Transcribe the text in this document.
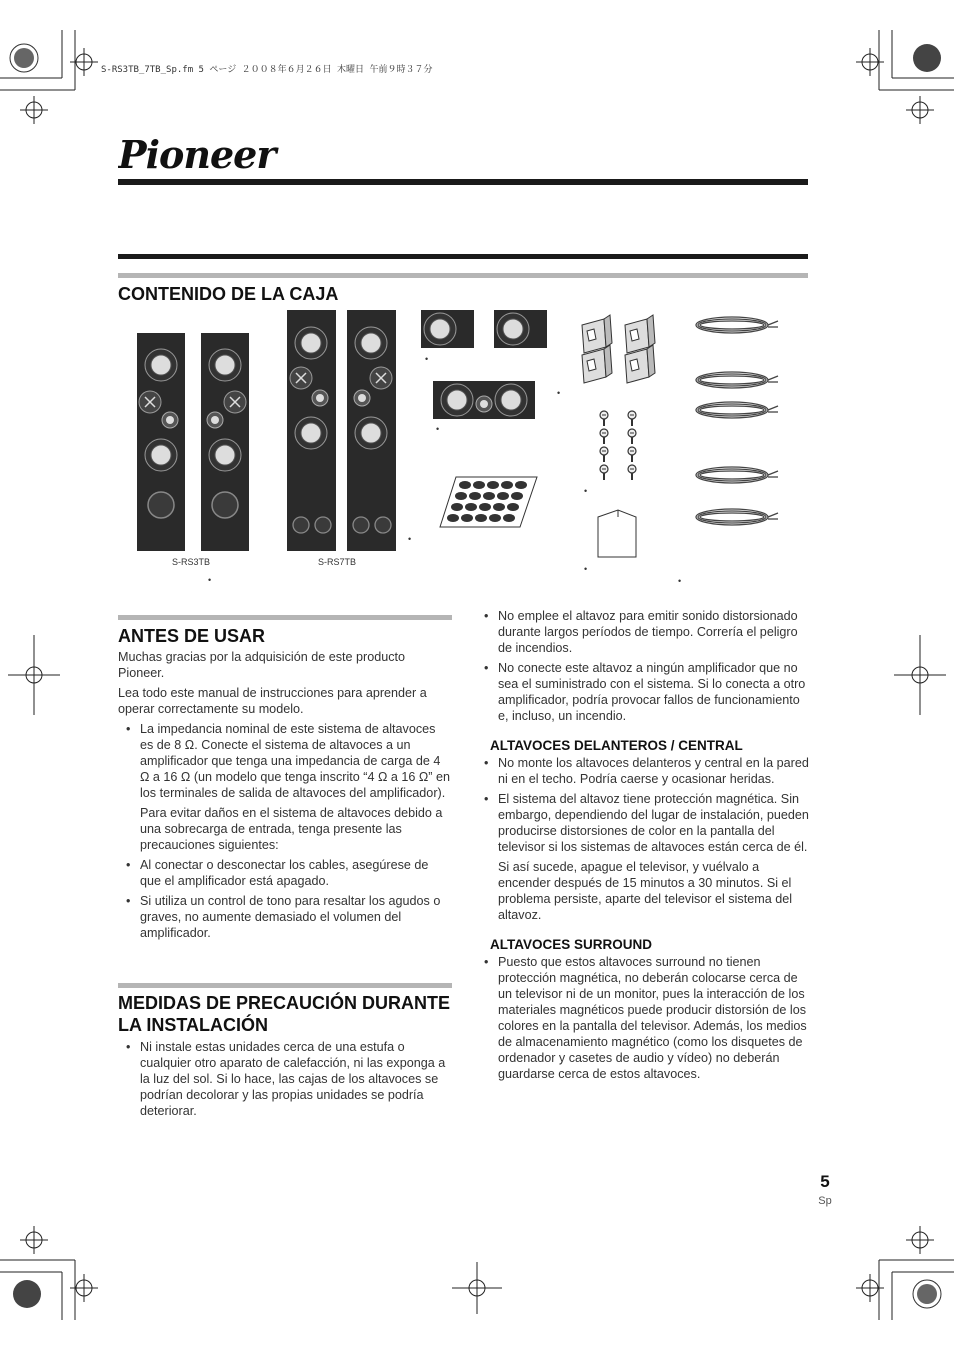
S-RS3TB_7TB_Sp.fm 5 ページ ２００８年６月２６日 木曜日 午前９時３７分
Pioneer
CONTENIDO DE LA CAJA
S-RS3TB	S-RS7TB
•
•
•
•
•
•
•
•
ANTES DE USAR

Muchas gracias por la adquisición de este producto Pioneer.

Lea todo este manual de instrucciones para aprender a operar correctamente su modelo.

• La impedancia nominal de este sistema de altavoces es de 8 Ω. Conecte el sistema de altavoces a un amplificador que tenga una impedancia de carga de 4 Ω a 16 Ω (un modelo que tenga inscrito “4 Ω a 16 Ω” en los terminales de salida de altavoces del amplificador).

Para evitar daños en el sistema de altavoces debido a una sobrecarga de entrada, tenga presente las precauciones siguientes:

• Al conectar o desconectar los cables, asegúrese de que el amplificador está apagado.
• Si utiliza un control de tono para resaltar los agudos o graves, no aumente demasiado el volumen del amplificador.
MEDIDAS DE PRECAUCIÓN DURANTE LA INSTALACIÓN
• Ni instale estas unidades cerca de una estufa o cualquier otro aparato de calefacción, ni las exponga a la luz del sol. Si lo hace, las cajas de los altavoces se podrían decolorar y las propias unidades se podría deteriorar.
• No emplee el altavoz para emitir sonido distorsionado durante largos períodos de tiempo. Correría el peligro de incendios.
• No conecte este altavoz a ningún amplificador que no sea el suministrado con el sistema. Si lo conecta a otro amplificador, podría provocar fallos de funcionamiento e, incluso, un incendio.
ALTAVOCES DELANTEROS / CENTRAL
• No monte los altavoces delanteros y central en la pared ni en el techo. Podría caerse y ocasionar heridas.
• El sistema del altavoz tiene protección magnética. Sin embargo, dependiendo del lugar de instalación, pueden producirse distorsiones de color en la pantalla del televisor si los sistemas de altavoces están cerca de él.

Si así sucede, apague el televisor, y vuélvalo a encender después de 15 minutos a 30 minutos. Si el problema persiste, aparte del televisor el sistema del altavoz.

ALTAVOCES SURROUND
• Puesto que estos altavoces surround no tienen protección magnética, no deberán colocarse cerca de un televisor ni de un monitor, pues la interacción de los materiales magnéticos puede producir distorsión de los colores en la pantalla del televisor. Además, los medios de almacenamiento magnético (como los disquetes de ordenador y casetes de audio y vídeo) no deberán guardarse cerca de estos altavoces.
5
Sp
